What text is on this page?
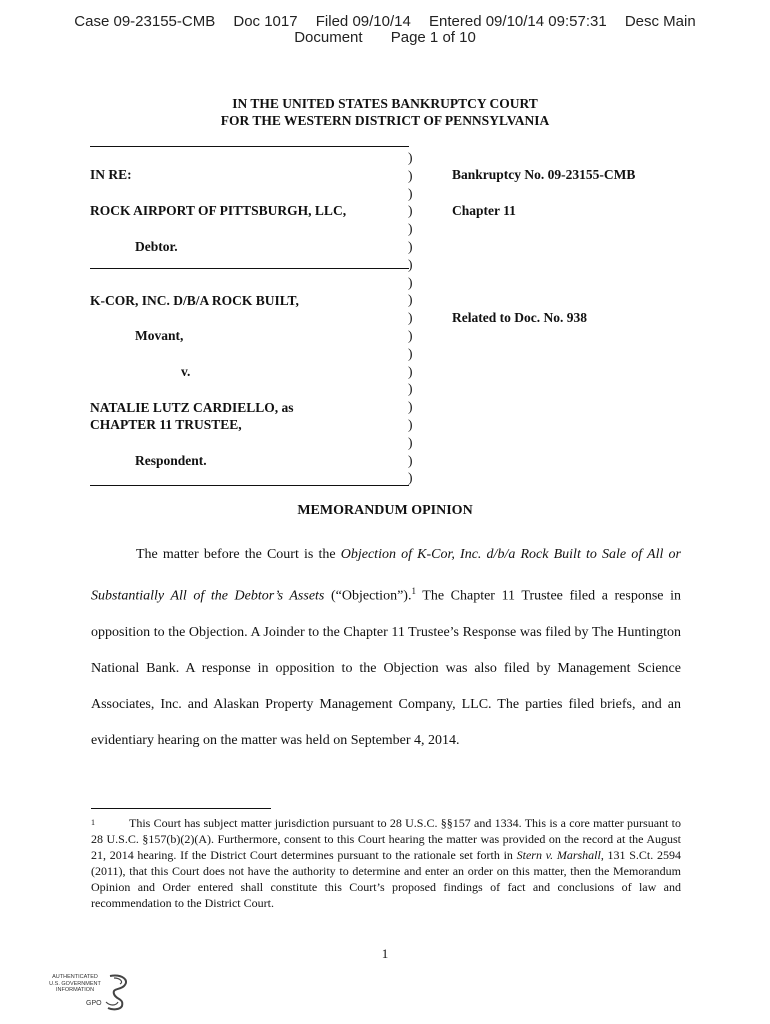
Case 09-23155-CMB Doc 1017 Filed 09/10/14 Entered 09/10/14 09:57:31 Desc Main
Document Page 1 of 10
IN THE UNITED STATES BANKRUPTCY COURT
FOR THE WESTERN DISTRICT OF PENNSYLVANIA
)
)
)
)
)
)
)
)
)
)
)
)
)
)
)
)
)
)
)
IN RE:
ROCK AIRPORT OF PITTSBURGH, LLC,
Debtor.
K-COR, INC. D/B/A ROCK BUILT,
Movant,
v.
NATALIE LUTZ CARDIELLO, as
CHAPTER 11 TRUSTEE,
Respondent.
Bankruptcy No. 09-23155-CMB
Chapter 11
Related to Doc. No. 938
MEMORANDUM OPINION

The matter before the Court is the Objection of K-Cor, Inc. d/b/a Rock Built to Sale of All or Substantially All of the Debtor’s Assets (“Objection”).$^1$ The Chapter 11 Trustee filed a response in opposition to the Objection. A Joinder to the Chapter 11 Trustee’s Response was filed by The Huntington National Bank. A response in opposition to the Objection was also filed by Management Science Associates, Inc. and Alaskan Property Management Company, LLC. The parties filed briefs, and an evidentiary hearing on the matter was held on September 4, 2014.

$^1$	This Court has subject matter jurisdiction pursuant to 28 U.S.C. §§157 and 1334. This is a core matter pursuant to 28 U.S.C. §157(b)(2)(A). Furthermore, consent to this Court hearing the matter was provided on the record at the August 21, 2014 hearing. If the District Court determines pursuant to the rationale set forth in Stern v. Marshall, 131 S.Ct. 2594 (2011), that this Court does not have the authority to determine and enter an order on this matter, then the Memorandum Opinion and Order entered shall constitute this Court’s proposed findings of fact and conclusions of law and recommendation to the District Court.
1
AUTHENTICATED
U.S. GOVERNMENT
INFORMATION
GPO
